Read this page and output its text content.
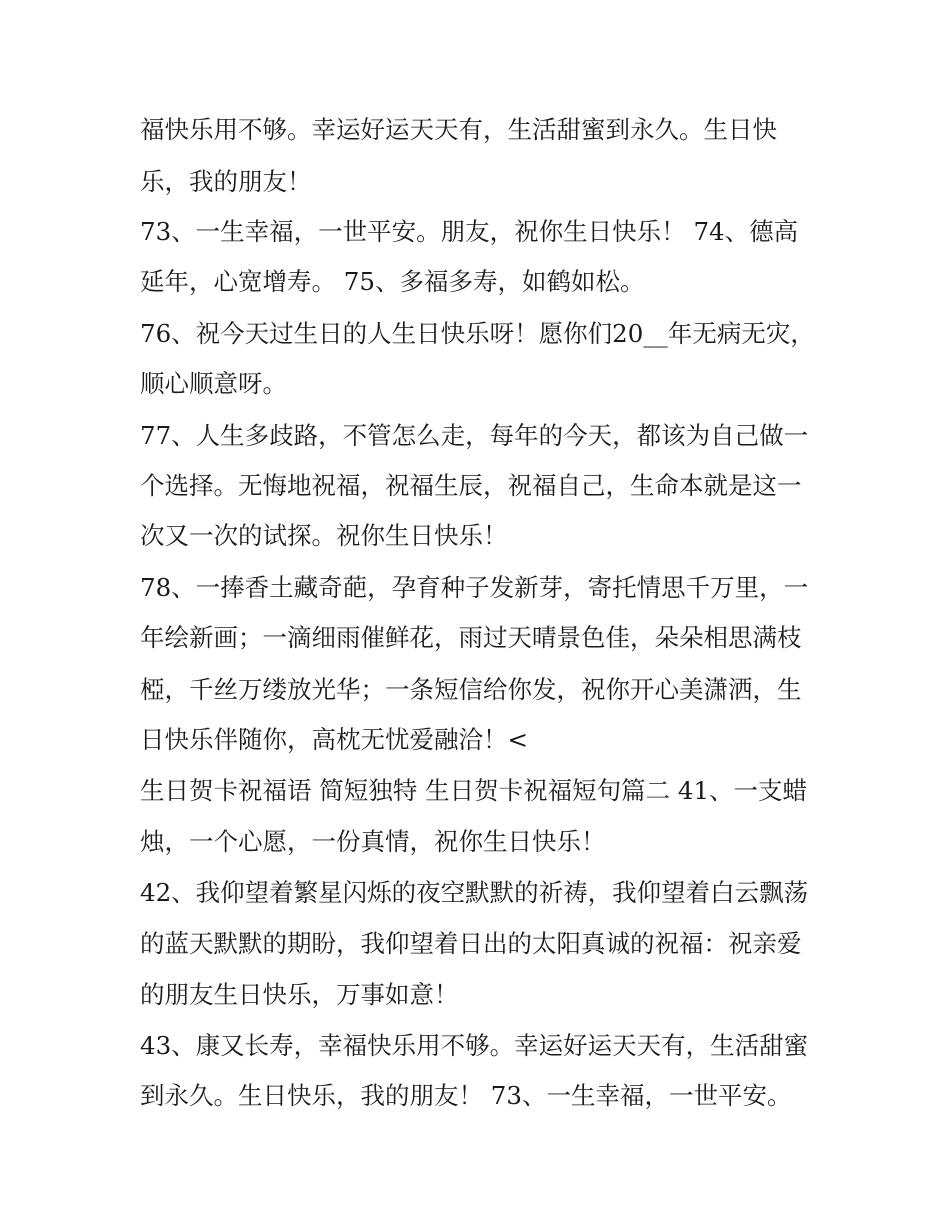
福快乐用不够。幸运好运天天有，生活甜蜜到永久。生日快
乐，我的朋友！
73、一生幸福，一世平安。朋友，祝你生日快乐！ 74、德高
延年，心宽增寿。 75、多福多寿，如鹤如松。
76、祝今天过生日的人生日快乐呀！愿你们20__年无病无灾，
顺心顺意呀。
77、人生多歧路，不管怎么走，每年的今天，都该为自己做一
个选择。无悔地祝福，祝福生辰，祝福自己，生命本就是这一
次又一次的试探。祝你生日快乐！
78、一捧香土藏奇葩，孕育种子发新芽，寄托情思千万里，一
年绘新画；一滴细雨催鲜花，雨过天晴景色佳，朵朵相思满枝
椏，千丝万缕放光华；一条短信给你发，祝你开心美潇洒，生
日快乐伴随你，高枕无忧爱融洽！<
生日贺卡祝福语 简短独特 生日贺卡祝福短句篇二 41、一支蜡
烛，一个心愿，一份真情，祝你生日快乐！
42、我仰望着繁星闪烁的夜空默默的祈祷，我仰望着白云飘荡
的蓝天默默的期盼，我仰望着日出的太阳真诚的祝福：祝亲爱
的朋友生日快乐，万事如意！
43、康又长寿，幸福快乐用不够。幸运好运天天有，生活甜蜜
到永久。生日快乐，我的朋友！ 73、一生幸福，一世平安。
